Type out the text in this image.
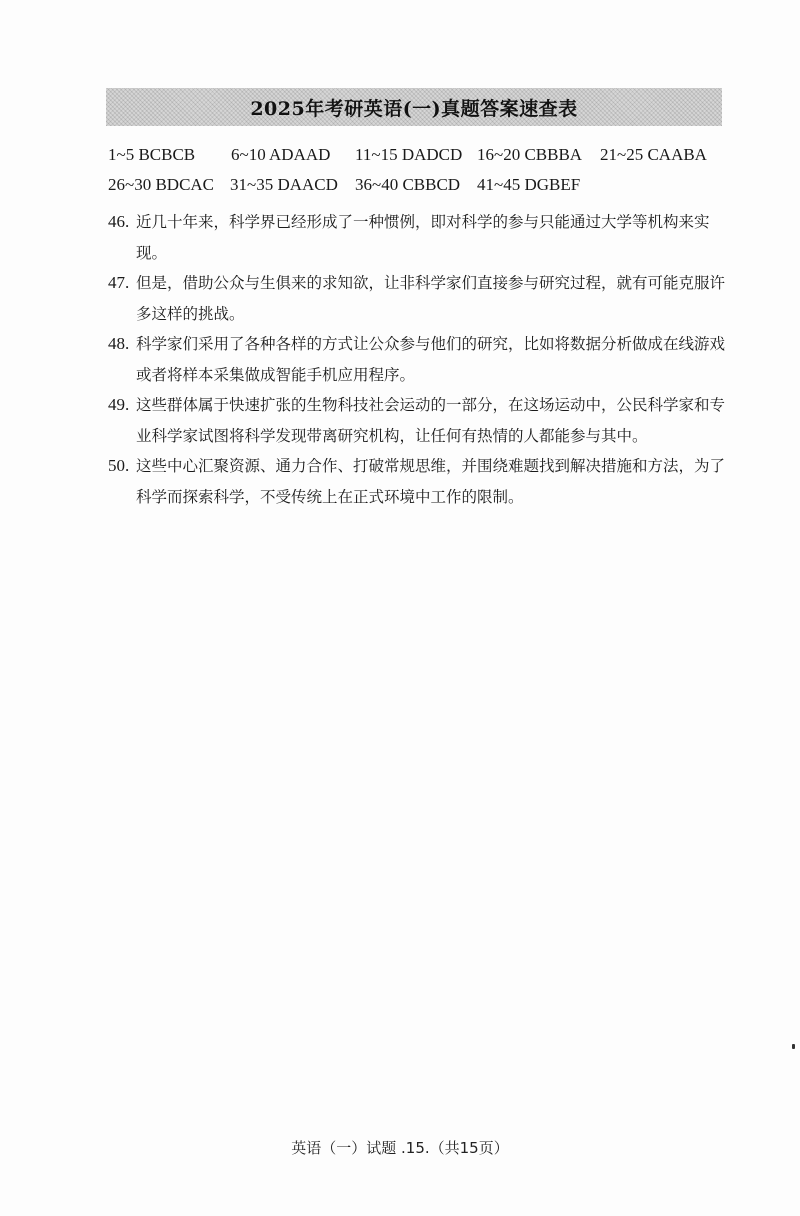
2025年考研英语(一)真题答案速查表
1~5 BCBCB	6~10 ADAAD	11~15 DADCD 16~20 CBBBA	21~25 CAABA
26~30 BDCAC 31~35 DAACD	36~40 CBBCD 41~45 DGBEF
46. 近几十年来，科学界已经形成了一种惯例，即对科学的参与只能通过大学等机构来实现。
47. 但是，借助公众与生俱来的求知欲，让非科学家们直接参与研究过程，就有可能克服许多这样的挑战。
48. 科学家们采用了各种各样的方式让公众参与他们的研究，比如将数据分析做成在线游戏或者将样本采集做成智能手机应用程序。
49. 这些群体属于快速扩张的生物科技社会运动的一部分，在这场运动中，公民科学家和专业科学家试图将科学发现带离研究机构，让任何有热情的人都能参与其中。
50. 这些中心汇聚资源、通力合作、打破常规思维，并围绕难题找到解决措施和方法，为了科学而探索科学，不受传统上在正式环境中工作的限制。
英语（一）试题 .15.（共15页）
